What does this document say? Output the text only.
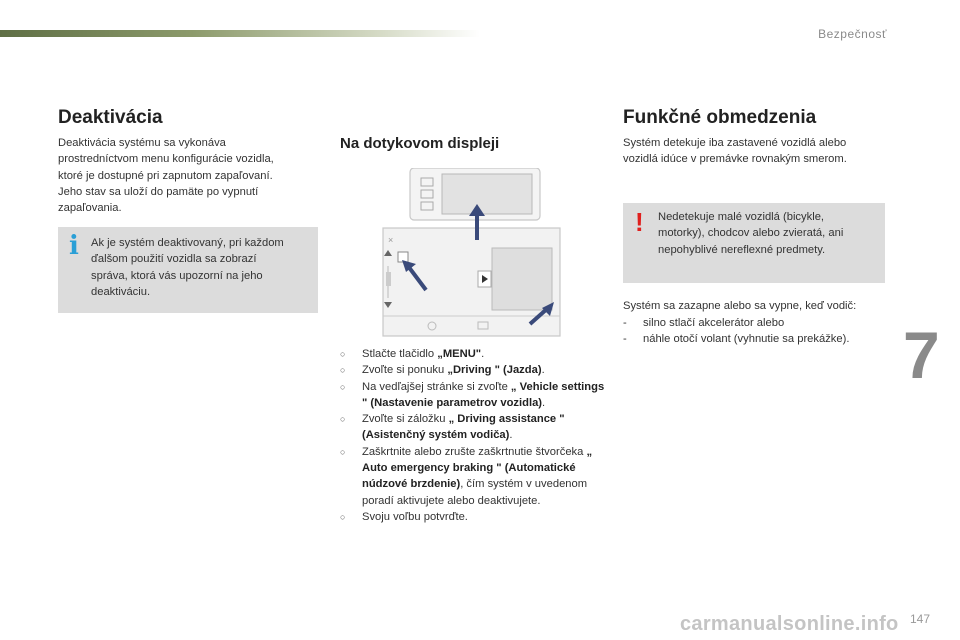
Bezpečnosť
Deaktivácia
Deaktivácia systému sa vykonáva
prostredníctvom menu konfigurácie vozidla,
ktoré je dostupné pri zapnutom zapaľovaní.
Jeho stav sa uloží do pamäte po vypnutí
zapaľovania.
i Ak je systém deaktivovaný, pri každom
ďalšom použití vozidla sa zobrazí
správa, ktorá vás upozorní na jeho
deaktiváciu.
Na dotykovom displeji
×
○ Stlačte tlačidlo „MENU".
○ Zvoľte si ponuku „Driving " (Jazda).
○ Na vedľajšej stránke si zvoľte „ Vehicle settings " (Nastavenie parametrov vozidla).
○ Zvoľte si záložku „ Driving assistance " (Asistenčný systém vodiča).
○ Zaškrtnite alebo zrušte zaškrtnutie štvorčeka „ Auto emergency braking " (Automatické núdzové brzdenie), čím systém v uvedenom poradí aktivujete alebo deaktivujete.
○ Svoju voľbu potvrďte.
Funkčné obmedzenia
Systém detekuje iba zastavené vozidlá alebo
vozidlá idúce v premávke rovnakým smerom.
! Nedetekuje malé vozidlá (bicykle,
motorky), chodcov alebo zvieratá, ani
nepohyblivé nereflexné predmety.
Systém sa zazapne alebo sa vypne, keď vodič:
- silno stlačí akcelerátor alebo
- náhle otočí volant (vyhnutie sa prekážke). 7
carmanualsonline.info 147
